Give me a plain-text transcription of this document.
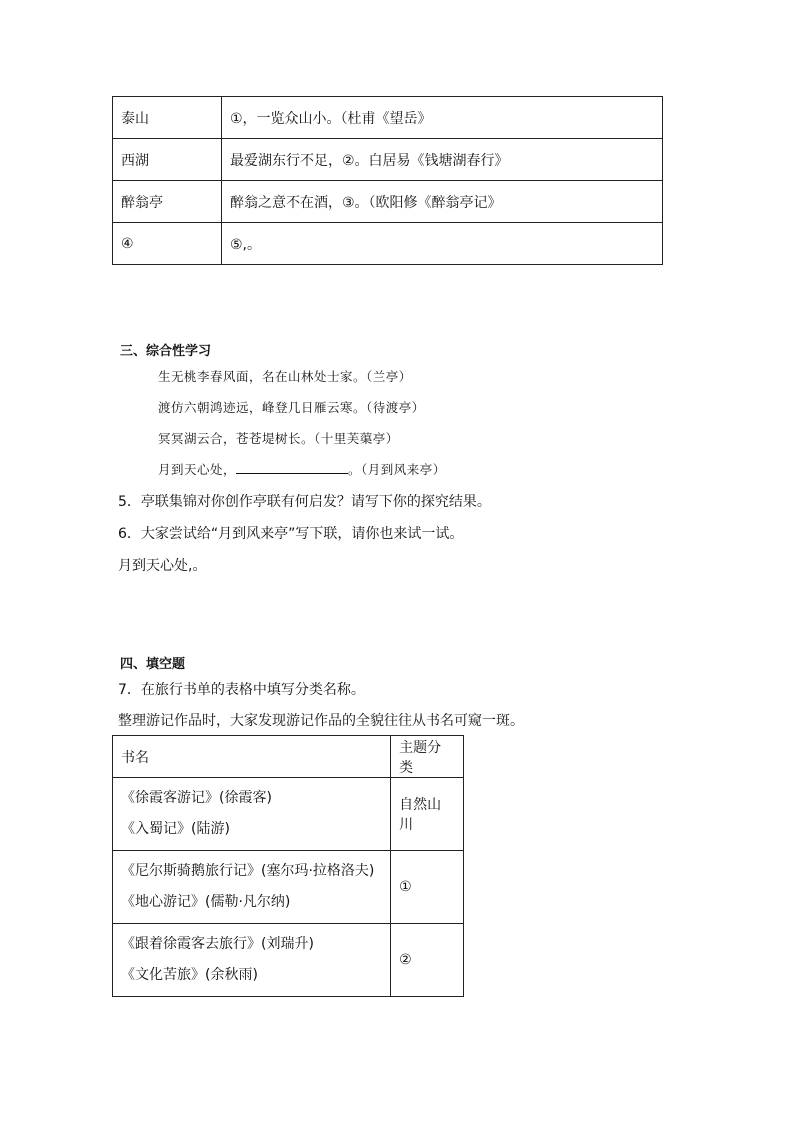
泰山	①，一览众山小。（杜甫《望岳》
西湖	最爱湖东行不足，②。白居易《钱塘湖春行》
醉翁亭	醉翁之意不在酒，③。（欧阳修《醉翁亭记》
④	⑤,。
三、综合性学习
生无桃李春风面，名在山林处士家。（兰亭）
渡仿六朝鸿迹远，峰登几日雁云寒。（待渡亭）
冥冥湖云合，苍苍堤树长。（十里芙蕖亭）
月到天心处，	。（月到风来亭）
5．亭联集锦对你创作亭联有何启发？请写下你的探究结果。
6．大家尝试给“月到风来亭”写下联，请你也来试一试。
月到天心处,。
四、填空题
7．在旅行书单的表格中填写分类名称。
整理游记作品时，大家发现游记作品的全貌往往从书名可窥一斑。
书名	主题分类

《徐霞客游记》(徐霞客)
《入蜀记》(陆游)	自然山川

《尼尔斯骑鹅旅行记》(塞尔玛·拉格洛夫)
《地心游记》(儒勒·凡尔纳)	①

《跟着徐霞客去旅行》(刘瑞升)
《文化苦旅》(余秋雨)	②
